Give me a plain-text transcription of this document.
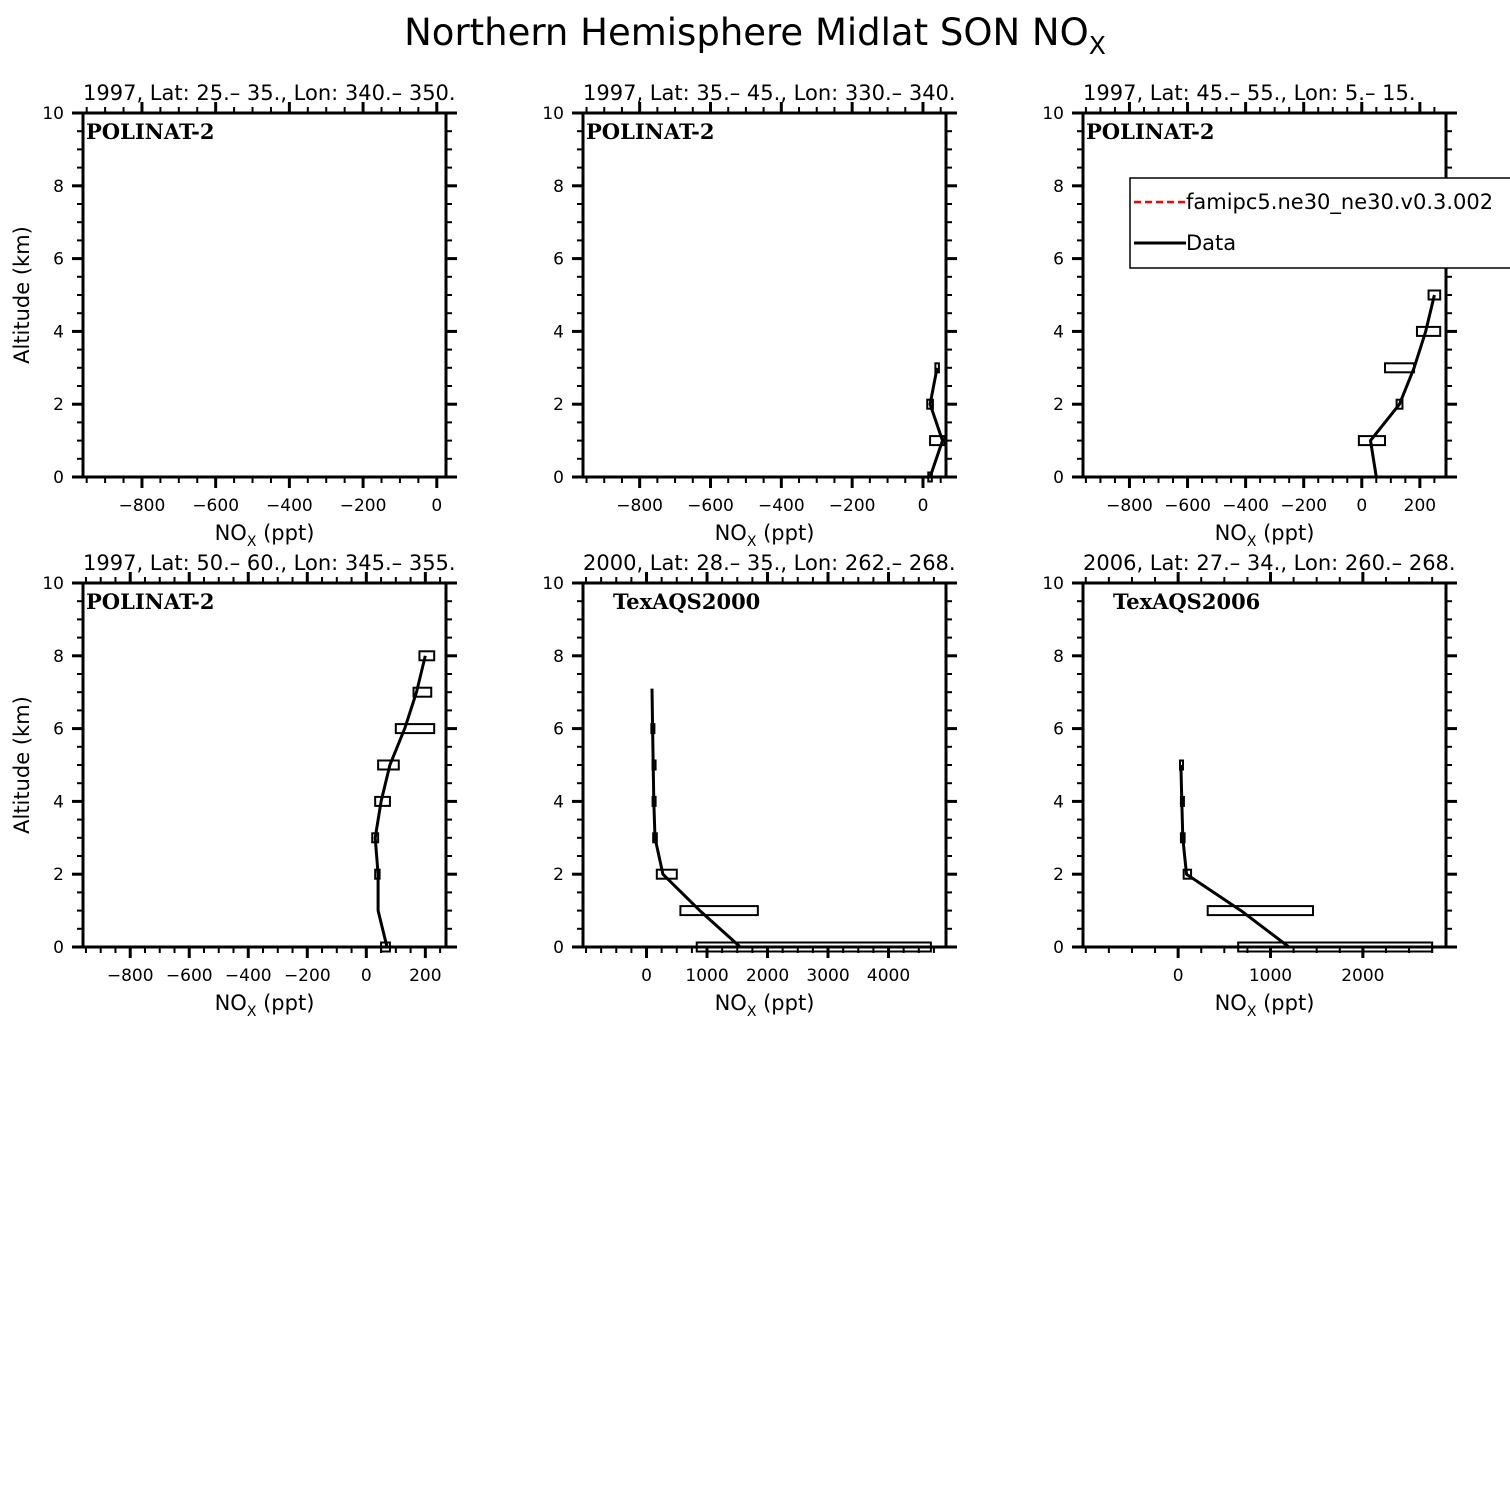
Northern Hemisphere Midlat SON $NO_X$
1997, Lat: 25.– 35., Lon: 340.– 350.
0
2
4
6
8
10
−800 −600 −400 −200	0
$NO_X$ (ppt)
Altitude (km)
POLINAT-2
1997, Lat: 35.– 45., Lon: 330.– 340.
0
2
4
6
8
10
−800 −600 −400 −200 0
$NO_X$ (ppt)
POLINAT-2
1997, Lat: 45.– 55., Lon: 5.– 15.
0
2
4
6
8
10
−800 −600 −400 −200 0 200
$NO_X$ (ppt)
POLINAT-2
1997, Lat: 50.– 60., Lon: 345.– 355.
0
2
4
6
8
10
−800 −600 −400 −200 0 200
$NO_X$ (ppt)
Altitude (km)
POLINAT-2
2000, Lat: 28.– 35., Lon: 262.– 268.
0
2
4
6
8
10
0 1000 2000 3000 4000
$NO_X$ (ppt)
TexAQS2000
2006, Lat: 27.– 34., Lon: 260.– 268.
0
2
4
6
8
10
0	1000	2000
$NO_X$ (ppt)
TexAQS2006
famipc5.ne30_ne30.v0.3.002
Data
